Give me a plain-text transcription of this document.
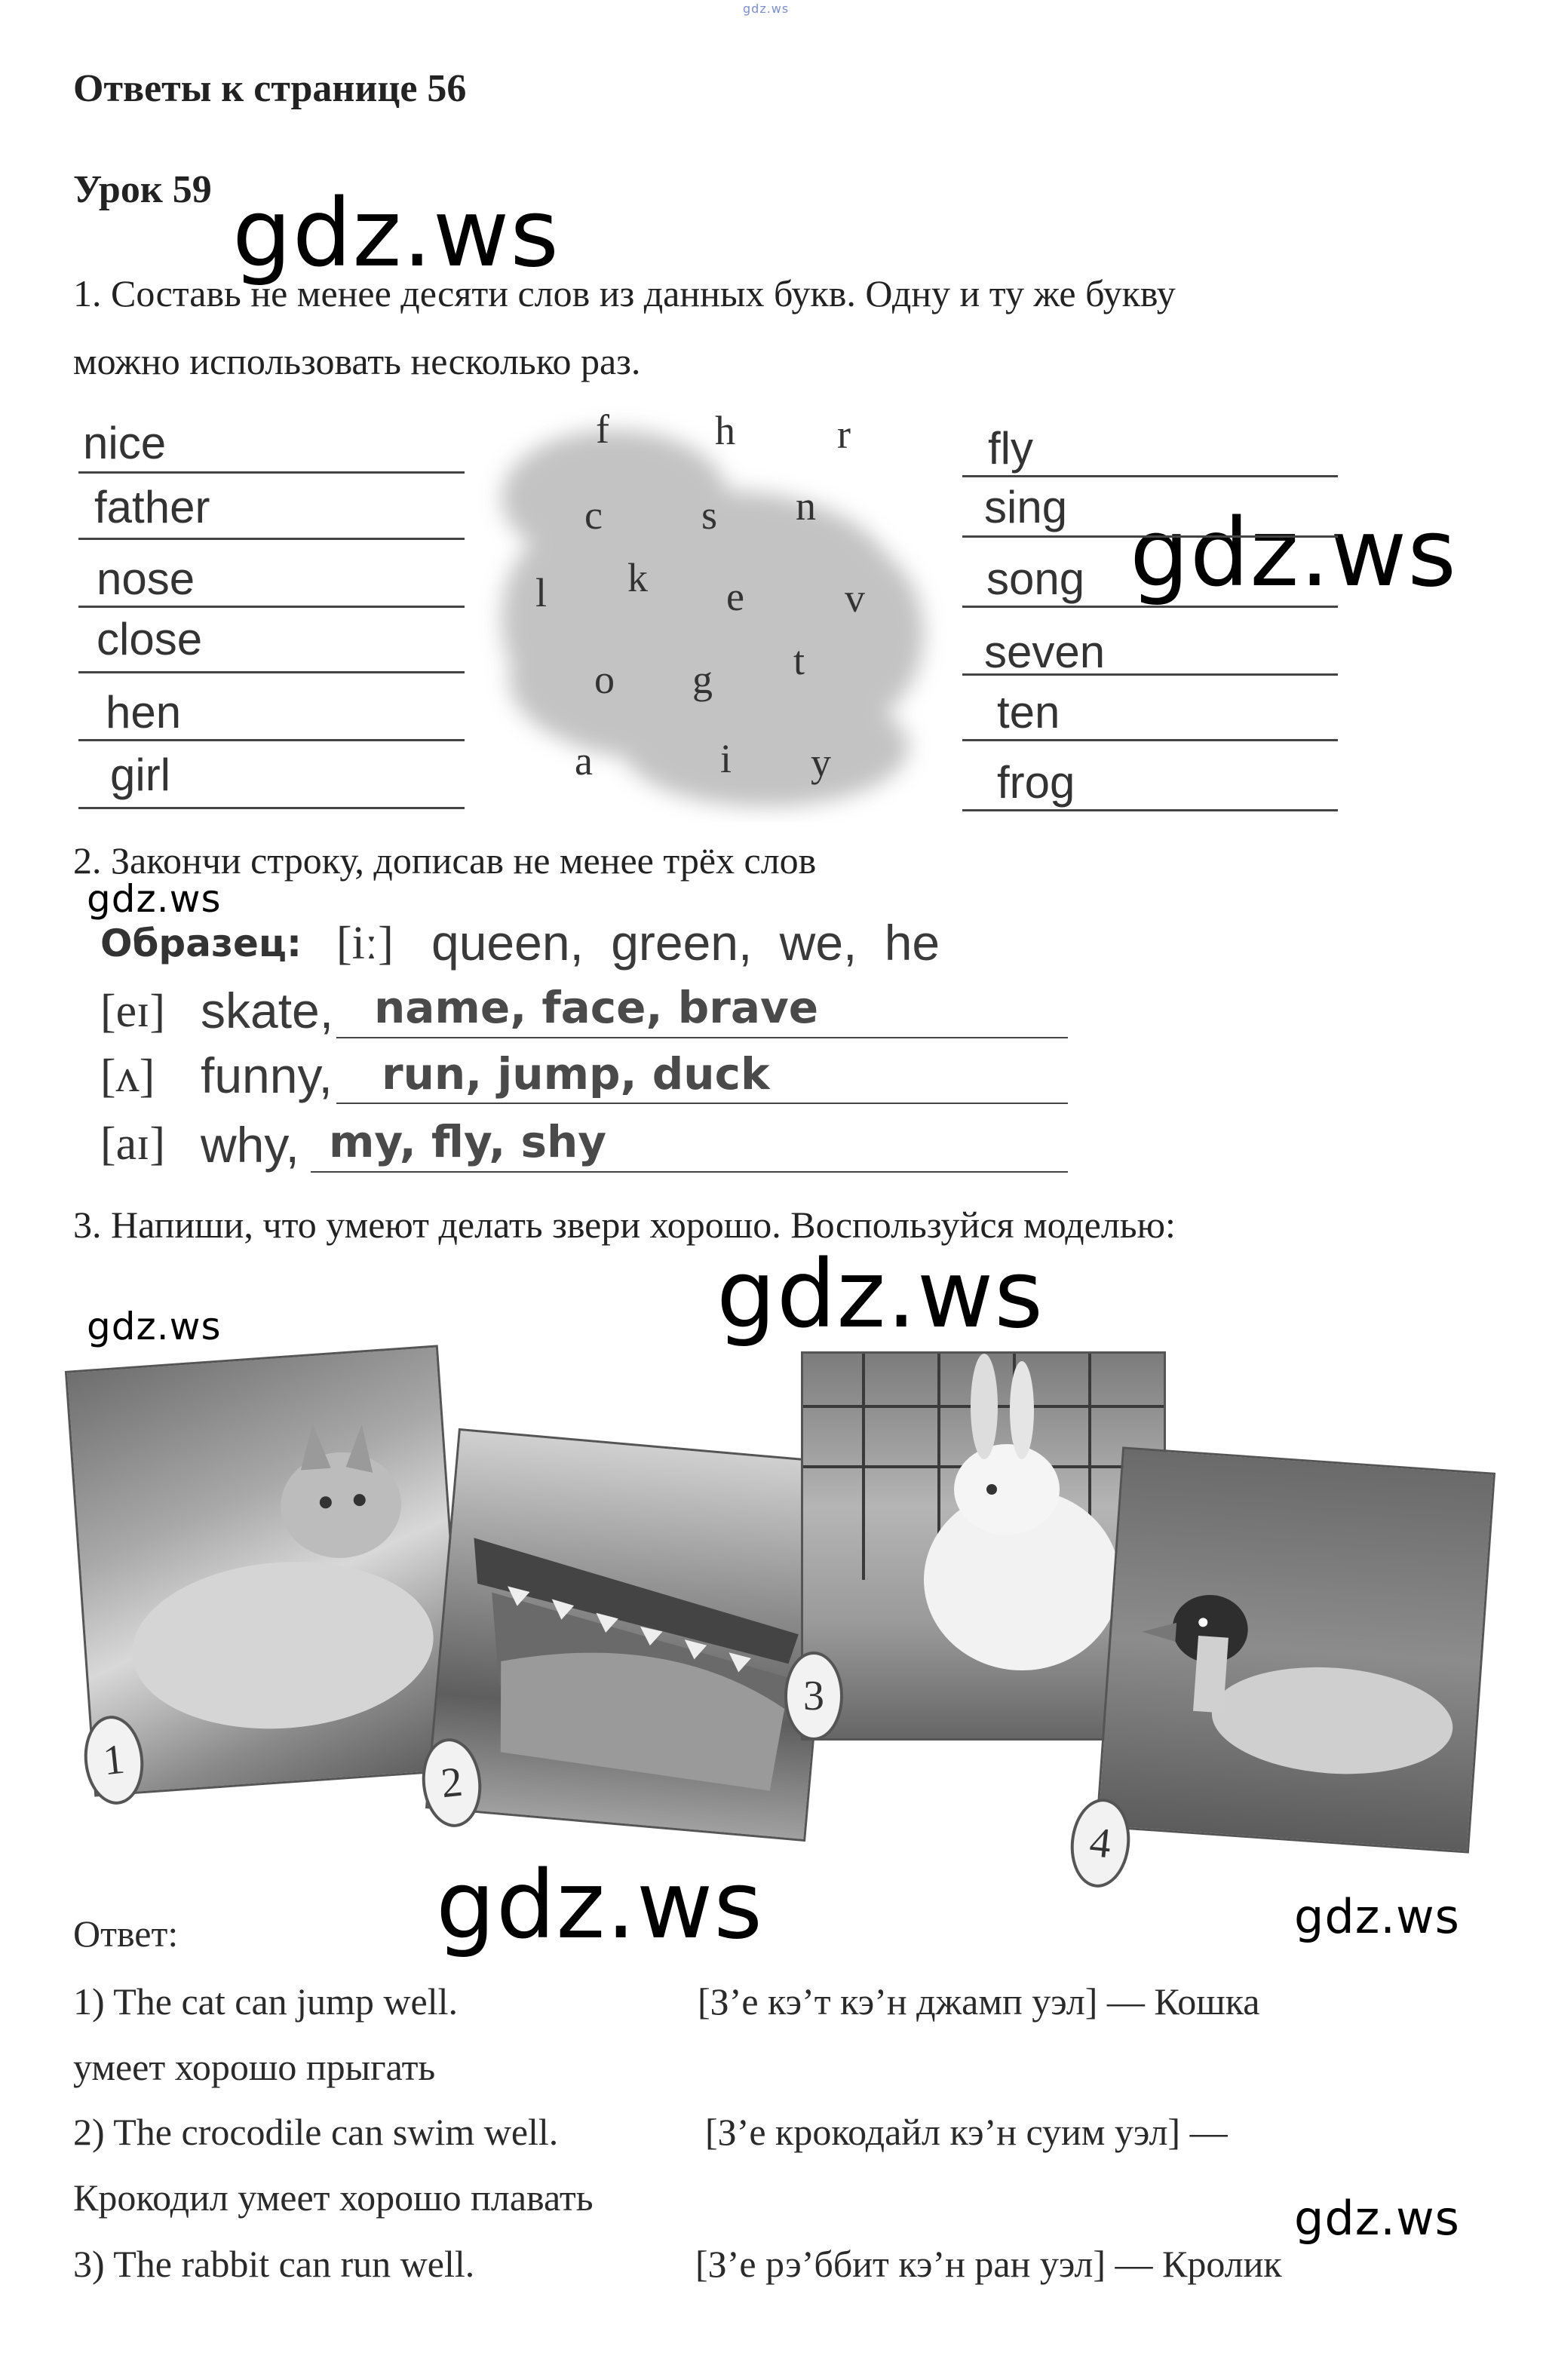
gdz.ws
Ответы к странице 56
Урок 59 gdz.ws
gdz.ws
gdz.ws
gdz.ws
gdz.ws
gdz.ws	gdz.ws
gdz.ws
1. Составь не менее десяти слов из данных букв. Одну и ту же букву
можно использовать несколько раз.
nice
father
nose
close
hen
girl
f	h	r
c s n
l k e v
o g t
a	i y
fly
sing
song
seven
ten
frog
2. Закончи строку, дописав не менее трёх слов
Образец: [iː] queen, green, we, he
[eɪ] skate, name, face, brave
[ʌ] funny, run, jump, duck
[aɪ] why, my, fly, shy
3. Напиши, что умеют делать звери хорошо. Воспользуйся моделью:
1	2
3
4
Ответ:
1) The cat can jump well.	[З’е кэ’т кэ’н джамп уэл] — Кошка
умеет хорошо прыгать
2) The crocodile can swim well.	[З’е крокодайл кэ’н суим уэл] —
Крокодил умеет хорошо плавать
3) The rabbit can run well.	[З’е рэ’ббит кэ’н ран уэл] — Кролик
